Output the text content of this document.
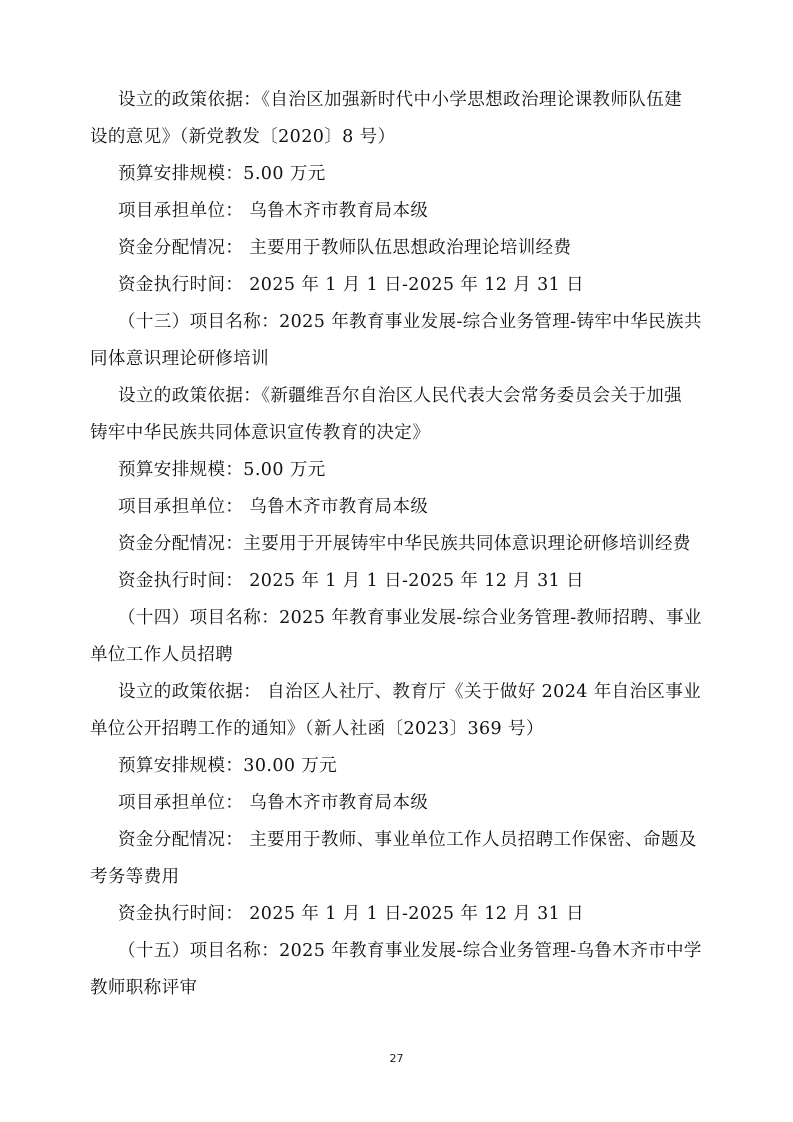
设立的政策依据：《自治区加强新时代中小学思想政治理论课教师队伍建
设的意见》（新党教发〔2020〕8 号）
预算安排规模：5.00 万元
项目承担单位： 乌鲁木齐市教育局本级
资金分配情况： 主要用于教师队伍思想政治理论培训经费
资金执行时间： 2025 年 1 月 1 日-2025 年 12 月 31 日
（十三）项目名称：2025 年教育事业发展-综合业务管理-铸牢中华民族共
同体意识理论研修培训
设立的政策依据：《新疆维吾尔自治区人民代表大会常务委员会关于加强
铸牢中华民族共同体意识宣传教育的决定》
预算安排规模：5.00 万元
项目承担单位： 乌鲁木齐市教育局本级
资金分配情况：主要用于开展铸牢中华民族共同体意识理论研修培训经费
资金执行时间： 2025 年 1 月 1 日-2025 年 12 月 31 日
（十四）项目名称：2025 年教育事业发展-综合业务管理-教师招聘、事业
单位工作人员招聘
设立的政策依据： 自治区人社厅、教育厅《关于做好 2024 年自治区事业
单位公开招聘工作的通知》（新人社函〔2023〕369 号）
预算安排规模：30.00 万元
项目承担单位： 乌鲁木齐市教育局本级
资金分配情况： 主要用于教师、事业单位工作人员招聘工作保密、命题及
考务等费用
资金执行时间： 2025 年 1 月 1 日-2025 年 12 月 31 日
（十五）项目名称：2025 年教育事业发展-综合业务管理-乌鲁木齐市中学
教师职称评审
27
